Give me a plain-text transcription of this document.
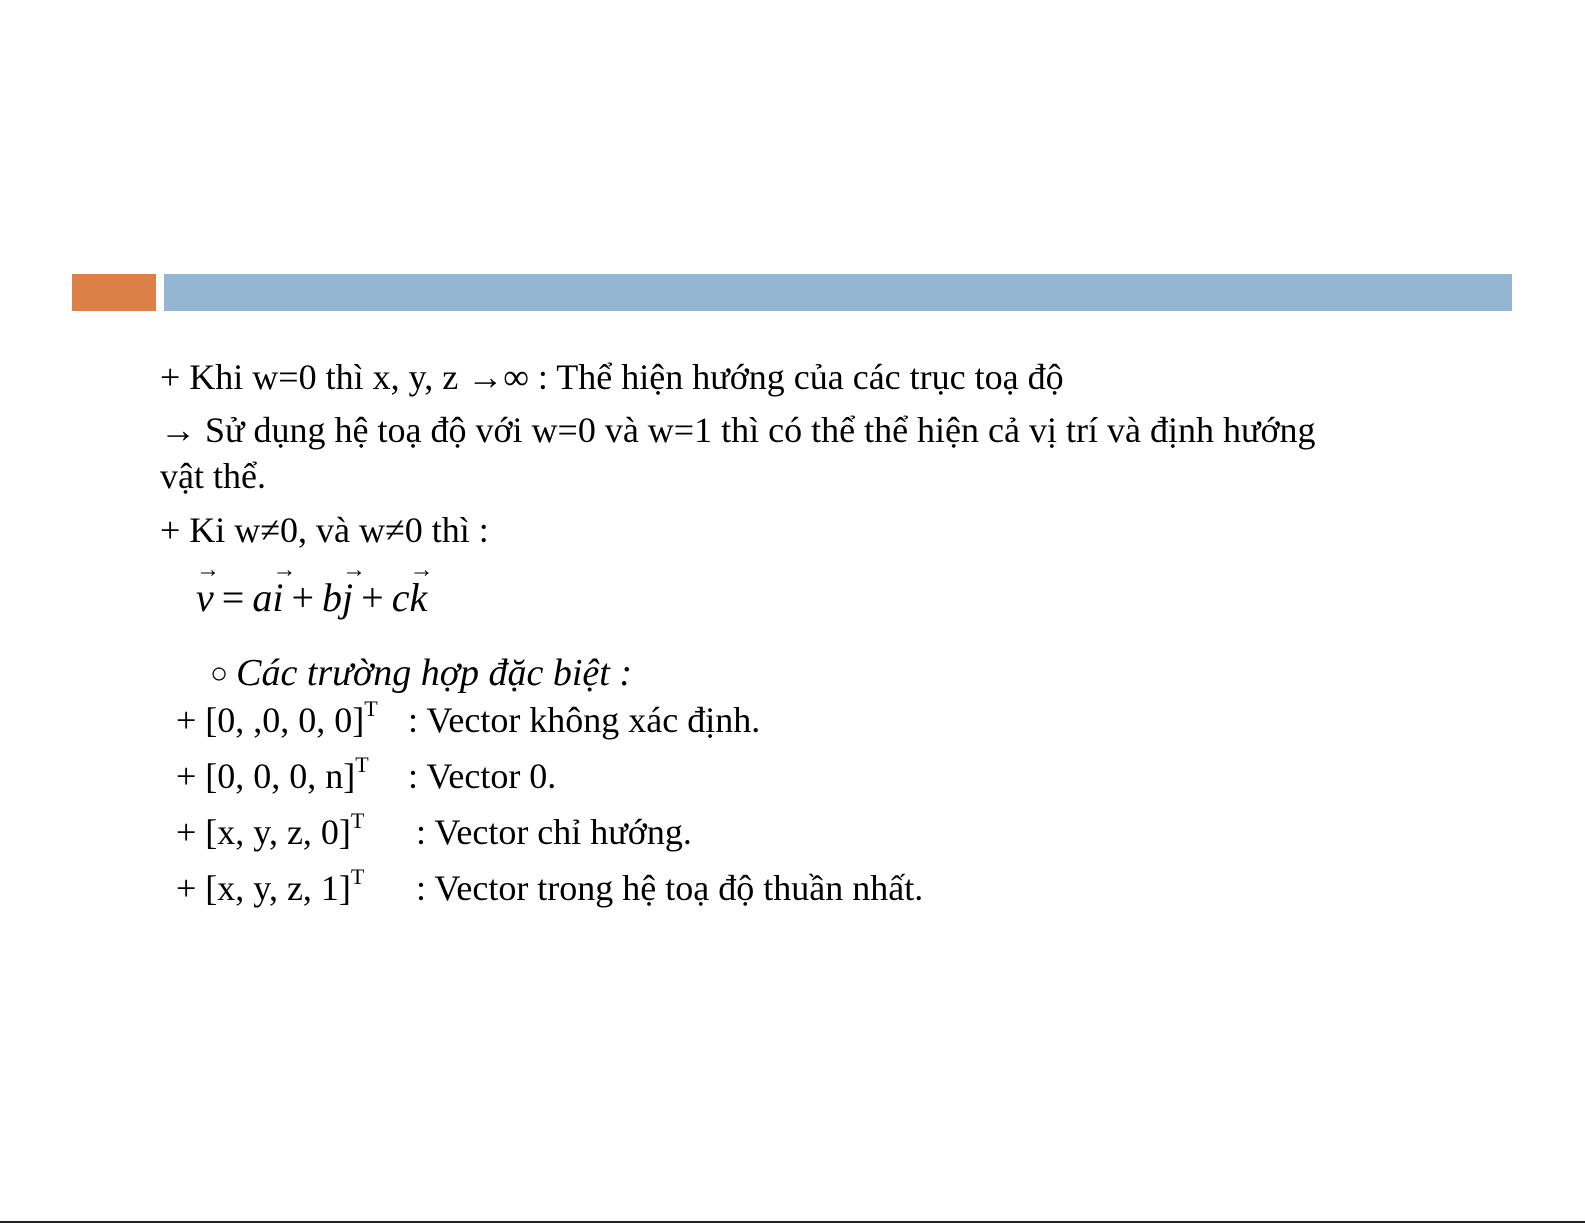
+ Khi w=0 thì x, y, z →∞ : Thể hiện hướng của các trục toạ độ
→ Sử dụng hệ toạ độ với w=0 và w=1 thì có thể thể hiện cả vị trí và định hướng
vật thể.
+ Ki w≠0, và w≠0 thì :
→
v = a
→
i + b
→
j + c
→
k
○ Các trường hợp đặc biệt :
+ [0, ,0, 0, 0]$^T$ : Vector không xác định.
+ [0, 0, 0, n]$^T$ : Vector 0.
+ [x, y, z, 0]$^T$ : Vector chỉ hướng.
+ [x, y, z, 1]$^T$ : Vector trong hệ toạ độ thuần nhất.
